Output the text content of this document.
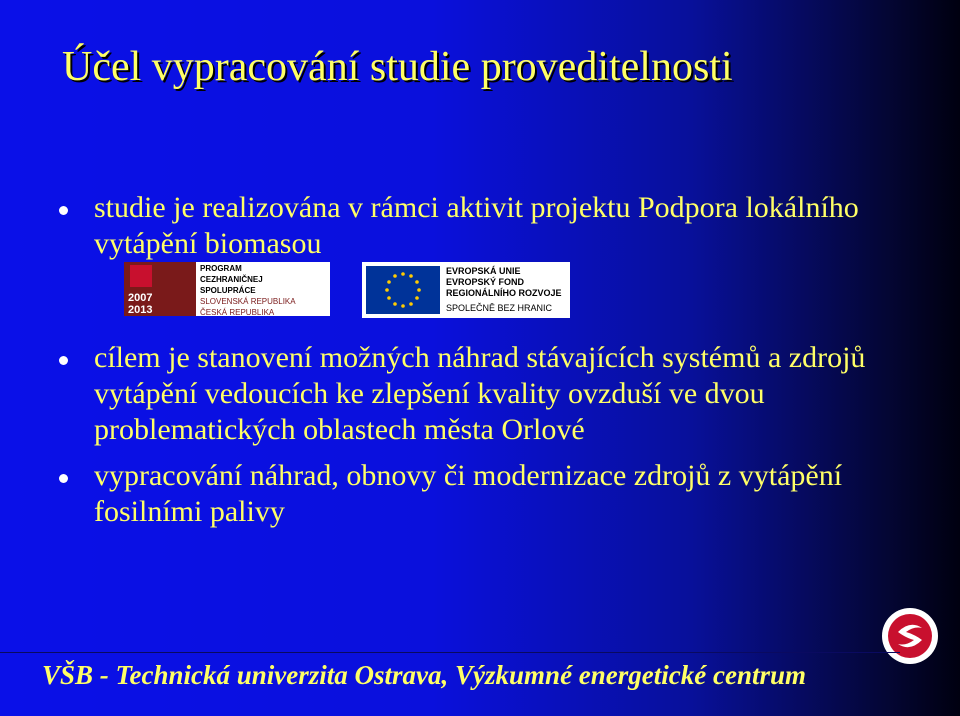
Účel vypracování studie proveditelnosti
studie je realizována v rámci aktivit projektu Podpora lokálního vytápění biomasou
2007
2013
PROGRAM
CEZHRANIČNEJ
SPOLUPRÁCE
SLOVENSKÁ REPUBLIKA
ČESKÁ REPUBLIKA
EVROPSKÁ UNIE
EVROPSKÝ FOND
REGIONÁLNÍHO ROZVOJE
SPOLEČNĚ BEZ HRANIC
cílem je stanovení možných náhrad stávajících systémů a zdrojů vytápění vedoucích ke zlepšení kvality ovzduší ve dvou problematických oblastech města Orlové
vypracování náhrad, obnovy či modernizace zdrojů z vytápění fosilními palivy
VŠB - Technická univerzita Ostrava, Výzkumné energetické centrum
